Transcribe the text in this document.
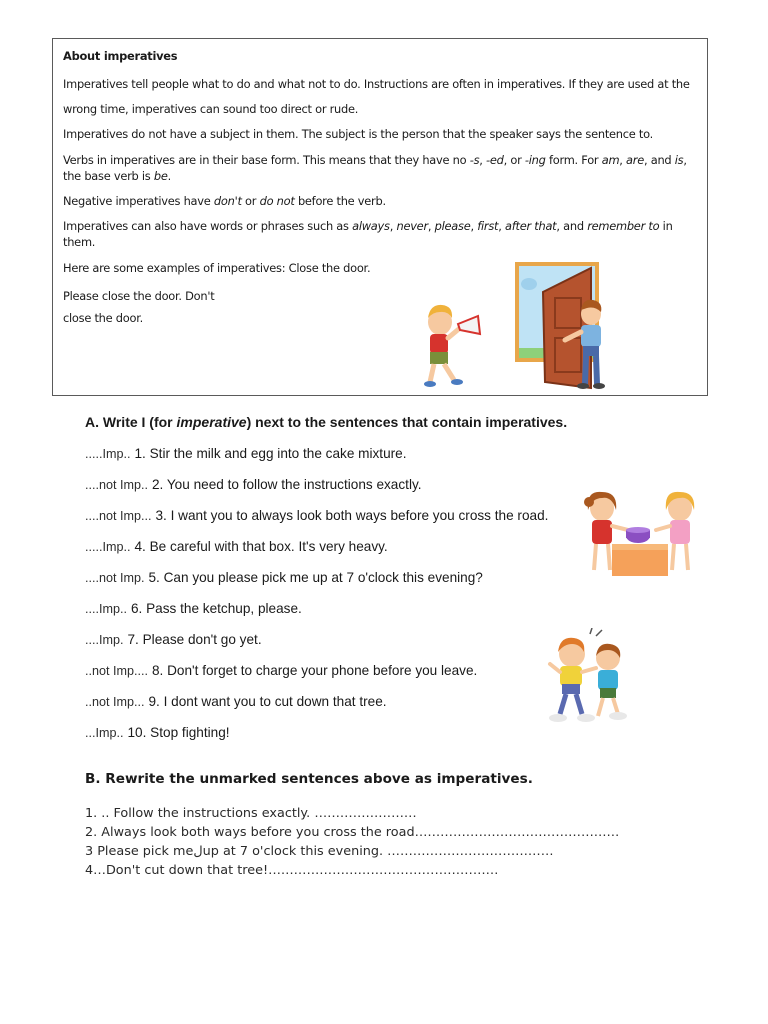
About imperatives

Imperatives tell people what to do and what not to do. Instructions are often in imperatives. If they are used at the wrong time, imperatives can sound too direct or rude.

Imperatives do not have a subject in them. The subject is the person that the speaker says the sentence to.

Verbs in imperatives are in their base form. This means that they have no -s, -ed, or -ing form. For am, are, and is, the base verb is be.

Negative imperatives have don't or do not before the verb.

Imperatives can also have words or phrases such as always, never, please, first, after that, and remember to in them.

Here are some examples of imperatives: Close the door.

Please close the door. Don't

close the door.

A. Write I (for imperative) next to the sentences that contain imperatives.
.....Imp.. 1. Stir the milk and egg into the cake mixture.
....not Imp.. 2. You need to follow the instructions exactly.
....not Imp... 3. I want you to always look both ways before you cross the road.
.....Imp.. 4. Be careful with that box. It's very heavy.
....not Imp. 5. Can you please pick me up at 7 o'clock this evening?
....Imp.. 6. Pass the ketchup, please.
....Imp. 7. Please don't go yet.
..not Imp.... 8. Don't forget to charge your phone before you leave.
..not Imp... 9. I dont want you to cut down that tree.
...Imp.. 10. Stop fighting!
B. Rewrite the unmarked sentences above as imperatives.
1. .. Follow the instructions exactly. ……………………
2. Always look both ways before you cross the road…………………………………………
3 Please pick meلup at 7 o'clock this evening. …………………………………
4…Don't cut down that tree!………………………………………………
